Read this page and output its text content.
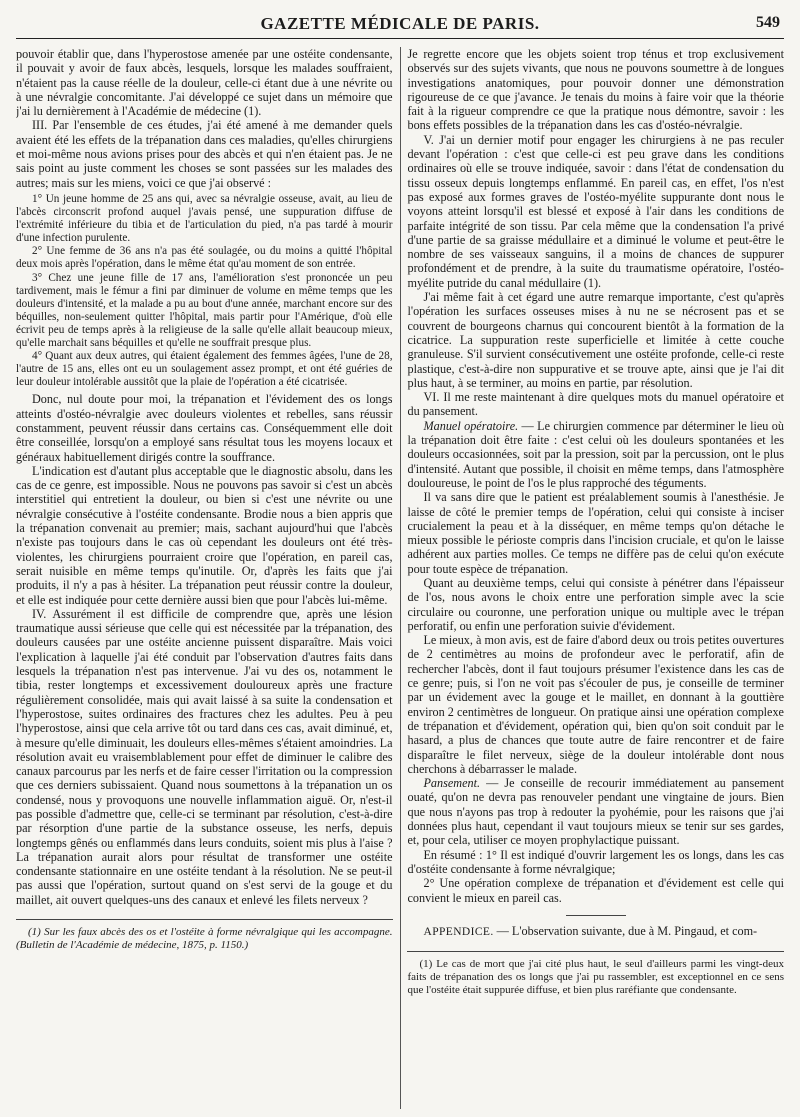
GAZETTE MÉDICALE DE PARIS.	549

pouvoir établir que, dans l'hyperostose amenée par une ostéite condensante, il pouvait y avoir de faux abcès, lesquels, lorsque les malades souffraient, n'étaient pas la cause réelle de la douleur, celle-ci étant due à une névrite ou à une névralgie concomitante. J'ai développé ce sujet dans un mémoire que j'ai lu dernièrement à l'Académie de médecine (1).

III. Par l'ensemble de ces études, j'ai été amené à me demander quels avaient été les effets de la trépanation dans ces maladies, qu'elles chirurgiens et moi-même nous avions prises pour des abcès et qui n'en étaient pas. Je ne sais point au juste comment les choses se sont passées sur les malades des autres; mais sur les miens, voici ce que j'ai observé :

1° Un jeune homme de 25 ans qui, avec sa névralgie osseuse, avait, au lieu de l'abcès circonscrit profond auquel j'avais pensé, une suppuration diffuse de l'extrémité inférieure du tibia et de l'articulation du pied, n'a pas tardé à mourir d'une infection purulente.

2° Une femme de 36 ans n'a pas été soulagée, ou du moins a quitté l'hôpital deux mois après l'opération, dans le même état qu'au moment de son entrée.

3° Chez une jeune fille de 17 ans, l'amélioration s'est prononcée un peu tardivement, mais le fémur a fini par diminuer de volume en même temps que les douleurs d'intensité, et la malade a pu au bout d'une année, marchant encore sur des béquilles, non-seulement quitter l'hôpital, mais partir pour l'Amérique, d'où elle écrivit peu de temps après à la religieuse de la salle qu'elle allait beaucoup mieux, qu'elle marchait sans béquilles et qu'elle ne souffrait presque plus.

4° Quant aux deux autres, qui étaient également des femmes âgées, l'une de 28, l'autre de 15 ans, elles ont eu un soulagement assez prompt, et ont été guéries de leur douleur intolérable aussitôt que la plaie de l'opération a été cicatrisée.

Donc, nul doute pour moi, la trépanation et l'évidement des os longs atteints d'ostéo-névralgie avec douleurs violentes et rebelles, sans réussir constamment, peuvent réussir dans certains cas. Conséquemment elle doit être conseillée, lorsqu'on a employé sans résultat tous les moyens locaux et généraux habituellement dirigés contre la souffrance.

L'indication est d'autant plus acceptable que le diagnostic absolu, dans les cas de ce genre, est impossible. Nous ne pouvons pas savoir si c'est un abcès interstitiel qui entretient la douleur, ou bien si c'est une névrite ou une névralgie consécutive à l'ostéite condensante. Brodie nous a bien appris que la trépanation convenait au premier; mais, sachant aujourd'hui que l'abcès n'existe pas toujours dans le cas où cependant les douleurs ont été très-violentes, les chirurgiens pourraient croire que l'opération, en pareil cas, serait nuisible en même temps qu'inutile. Or, d'après les faits que j'ai produits, il n'y a pas à hésiter. La trépanation peut réussir contre la douleur, et elle est indiquée pour cette dernière aussi bien que pour l'abcès lui-même.

IV. Assurément il est difficile de comprendre que, après une lésion traumatique aussi sérieuse que celle qui est nécessitée par la trépanation, des douleurs causées par une ostéite ancienne puissent disparaître. Mais voici l'explication à laquelle j'ai été conduit par l'observation d'autres faits dans lesquels la trépanation n'est pas intervenue. J'ai vu des os, notamment le tibia, rester longtemps et excessivement douloureux après une fracture régulièrement consolidée, mais qui avait laissé à sa suite la condensation et l'hyperostose, suites ordinaires des fractures chez les adultes. Peu à peu l'hyperostose, ainsi que cela arrive tôt ou tard dans ces cas, avait diminué, et, à mesure qu'elle diminuait, les douleurs elles-mêmes s'étaient amoindries. La résolution avait eu vraisemblablement pour effet de diminuer le calibre des canaux parcourus par les nerfs et de faire cesser l'irritation ou la compression que ces derniers subissaient. Quand nous soumettons à la trépanation un os condensé, nous y provoquons une nouvelle inflammation aiguë. Or, n'est-il pas possible d'admettre que, celle-ci se terminant par résolution, c'est-à-dire par résorption d'une partie de la substance osseuse, les nerfs, depuis longtemps gênés ou enflammés dans leurs conduits, soient mis plus à l'aise ? La trépanation aurait alors pour résultat de transformer une ostéite condensante stationnaire en une ostéite tendant à la résolution. Ne se peut-il pas aussi que l'opération, surtout quand on s'est servi de la gouge et du maillet, ait ouvert quelques-uns des canaux et enlevé les filets nerveux ?

(1) Sur les faux abcès des os et l'ostéite à forme névralgique qui les accompagne. (Bulletin de l'Académie de médecine, 1875, p. 1150.)

Je regrette encore que les objets soient trop ténus et trop exclusivement observés sur des sujets vivants, que nous ne pouvons soumettre à de longues investigations anatomiques, pour pouvoir donner une démonstration rigoureuse de ce que j'avance. Je tenais du moins à faire voir que la théorie fait à la rigueur comprendre ce que la pratique nous démontre, savoir : les bons effets possibles de la trépanation dans les cas d'ostéo-névralgie.

V. J'ai un dernier motif pour engager les chirurgiens à ne pas reculer devant l'opération : c'est que celle-ci est peu grave dans les conditions ordinaires où elle se trouve indiquée, savoir : dans l'état de condensation du tissu osseux depuis longtemps enflammé. En pareil cas, en effet, l'os n'est pas exposé aux formes graves de l'ostéo-myélite suppurante dont nous le voyons atteint lorsqu'il est blessé et exposé à l'air dans les conditions de parfaite intégrité de son tissu. Par cela même que la condensation l'a privé d'une partie de sa graisse médullaire et a diminué le volume et peut-être le nombre de ses vaisseaux sanguins, il a moins de chances de suppurer profondément et de prendre, à la suite du traumatisme opératoire, l'ostéo-myélite putride du canal médullaire (1).

J'ai même fait à cet égard une autre remarque importante, c'est qu'après l'opération les surfaces osseuses mises à nu ne se nécrosent pas et se couvrent de bourgeons charnus qui concourent bientôt à la formation de la cicatrice. La suppuration reste superficielle et limitée à cette couche granuleuse. S'il survient consécutivement une ostéite profonde, celle-ci reste plastique, c'est-à-dire non suppurative et se trouve apte, ainsi que je l'ai dit plus haut, à se terminer, au moins en partie, par résolution.

VI. Il me reste maintenant à dire quelques mots du manuel opératoire et du pansement.

Manuel opératoire. — Le chirurgien commence par déterminer le lieu où la trépanation doit être faite : c'est celui où les douleurs spontanées et les douleurs occasionnées, soit par la pression, soit par la percussion, ont le plus d'intensité. Autant que possible, il choisit en même temps, dans l'atmosphère douloureuse, le point de l'os le plus rapproché des téguments.

Il va sans dire que le patient est préalablement soumis à l'anesthésie. Je laisse de côté le premier temps de l'opération, celui qui consiste à inciser crucialement la peau et à la disséquer, en même temps qu'on détache le mieux possible le périoste compris dans l'incision cruciale, et qu'on le laisse adhérent aux parties molles. Ce temps ne diffère pas de celui qu'on exécute pour toute espèce de trépanation.

Quant au deuxième temps, celui qui consiste à pénétrer dans l'épaisseur de l'os, nous avons le choix entre une perforation simple avec la scie circulaire ou couronne, une perforation unique ou multiple avec le trépan perforatif, ou enfin une perforation suivie d'évidement.

Le mieux, à mon avis, est de faire d'abord deux ou trois petites ouvertures de 2 centimètres au moins de profondeur avec le perforatif, afin de rechercher l'abcès, dont il faut toujours présumer l'existence dans les cas de ce genre; puis, si l'on ne voit pas s'écouler de pus, je conseille de terminer par un évidement avec la gouge et le maillet, en donnant à la gouttière environ 2 centimètres de longueur. On pratique ainsi une opération complexe de trépanation et d'évidement, opération qui, bien qu'on soit conduit par le hasard, a plus de chances que toute autre de faire rencontrer et de faire disparaître le filet nerveux, siège de la douleur intolérable dont nous cherchons à débarrasser le malade.

Pansement. — Je conseille de recourir immédiatement au pansement ouaté, qu'on ne devra pas renouveler pendant une vingtaine de jours. Bien que nous n'ayons pas trop à redouter la pyohémie, pour les raisons que j'ai données plus haut, cependant il vaut toujours mieux se tenir sur ses gardes, et, pour cela, utiliser ce moyen prophylactique puissant.

En résumé : 1° Il est indiqué d'ouvrir largement les os longs, dans les cas d'ostéite condensante à forme névralgique;

2° Une opération complexe de trépanation et d'évidement est celle qui convient le mieux en pareil cas.

APPENDICE. — L'observation suivante, due à M. Pingaud, et com-

(1) Le cas de mort que j'ai cité plus haut, le seul d'ailleurs parmi les vingt-deux faits de trépanation des os longs que j'ai pu rassembler, est exceptionnel en ce sens que l'ostéite était suppurée diffuse, et bien plus raréfiante que condensante.
